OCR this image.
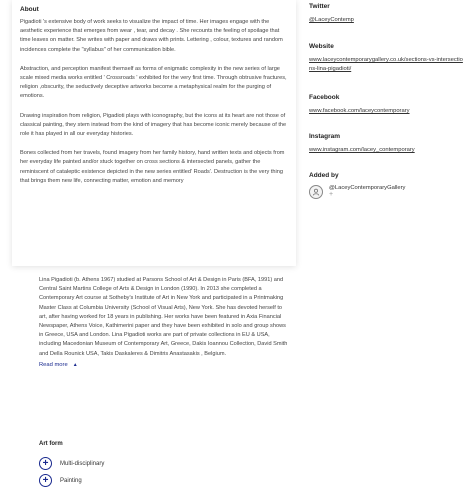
About

Pigadioti 's extensive body of work seeks to visualize the impact of time. Her images engage with the aesthetic experience that emerges from wear , tear, and decay . She recounts the feeling of spoilage that time leaves on matter. She writes with paper and draws with prints. Lettering , colour, textures and random incidences complete the "syllabus" of her communication bible.

Abstraction, and perception manifest themself as forms of enigmatic complexity in the new series of large scale mixed media works entitled ' Crossroads ' exhibited for the very first time. Through obtrusive fractures, religion ,obscurity, the seductively deceptive artworks become a metaphysical realm for the purging of emotions.

Drawing inspiration from religion, Pigadioti plays with iconography, but the icons at its heart are not those of classical painting, they stem instead from the kind of imagery that has become iconic merely because of the role it has played in all our everyday histories.

Bones collected from her travels, found imagery from her family history, hand written texts and objects from her everyday life painted and/or stuck together on cross sections & intersected panels, gather the reminiscent of cataleptic existence depicted in the new series entitled' Roads'. Destruction is the very thing that brings them new life, connecting matter, emotion and memory

Lina Pigadioti (b. Athens 1967) studied at Parsons School of Art & Design in Paris (BFA, 1991) and Central Saint Martins College of Arts & Design in London (1990). In 2013 she completed a Contemporary Art course at Sotheby's Institute of Art in New York and participated in a Printmaking Master Class at Columbia University (School of Visual Arts), New York. She has devoted herself to art, after having worked for 18 years in publishing. Her works have been featured in Axia Financial Newspaper, Athens Voice, Kathimerini paper and they have been exhibited in solo and group shows in Greece, USA and London. Lina Pigadioti works are part of private collections in EU & USA, including Macedonian Museum of Contemporary Art, Greece, Dakis Ioannou Collection, David Smith and Della Rounick USA, Takis Daskaleres & Dimitris Anastasakis , Belgium.

Read more ▲
Art form
+	Multi-disciplinary
+	Painting
Twitter
@LaceyContemp
Website
www.laceycontemporarygallery.co.uk/sections-vs-intersections-lina-pigadioti/
Facebook
www.facebook.com/laceycontemporary
Instagram
www.instagram.com/lacey_contemporary
Added by
@LaceyContemporaryGallery
+
